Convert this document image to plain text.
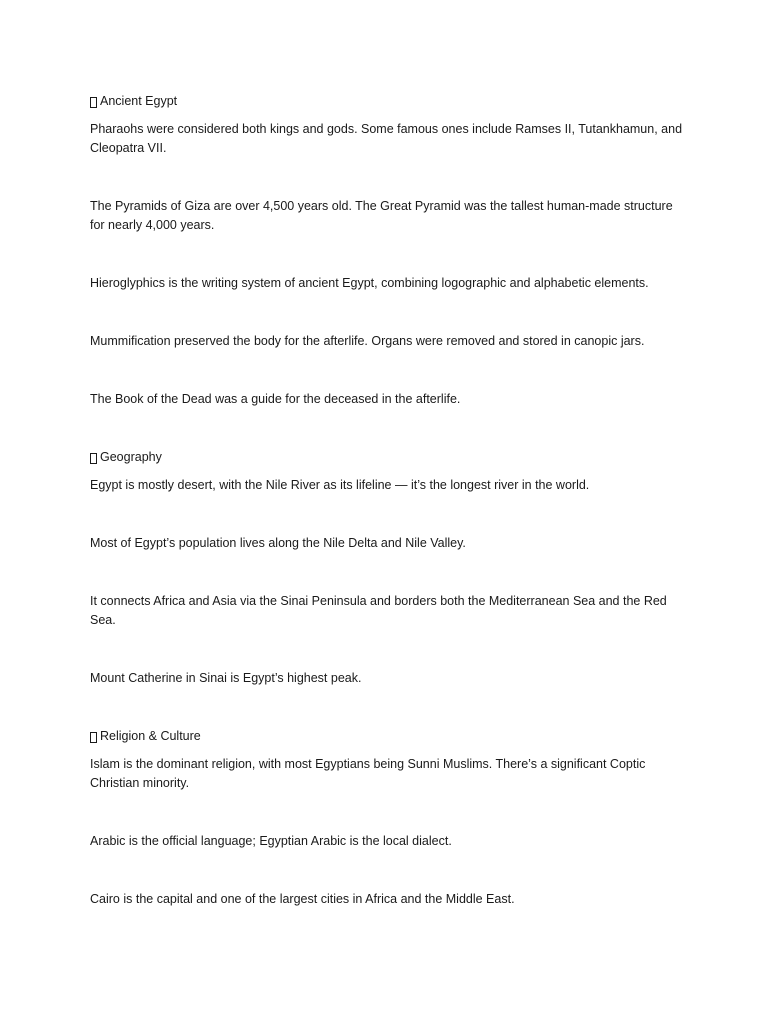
Ancient Egypt

Pharaohs were considered both kings and gods. Some famous ones include Ramses II, Tutankhamun, and Cleopatra VII.

The Pyramids of Giza are over 4,500 years old. The Great Pyramid was the tallest human-made structure for nearly 4,000 years.

Hieroglyphics is the writing system of ancient Egypt, combining logographic and alphabetic elements.

Mummification preserved the body for the afterlife. Organs were removed and stored in canopic jars.

The Book of the Dead was a guide for the deceased in the afterlife.

Geography

Egypt is mostly desert, with the Nile River as its lifeline — it’s the longest river in the world.

Most of Egypt’s population lives along the Nile Delta and Nile Valley.

It connects Africa and Asia via the Sinai Peninsula and borders both the Mediterranean Sea and the Red Sea.

Mount Catherine in Sinai is Egypt’s highest peak.

Religion & Culture

Islam is the dominant religion, with most Egyptians being Sunni Muslims. There’s a significant Coptic Christian minority.

Arabic is the official language; Egyptian Arabic is the local dialect.

Cairo is the capital and one of the largest cities in Africa and the Middle East.
